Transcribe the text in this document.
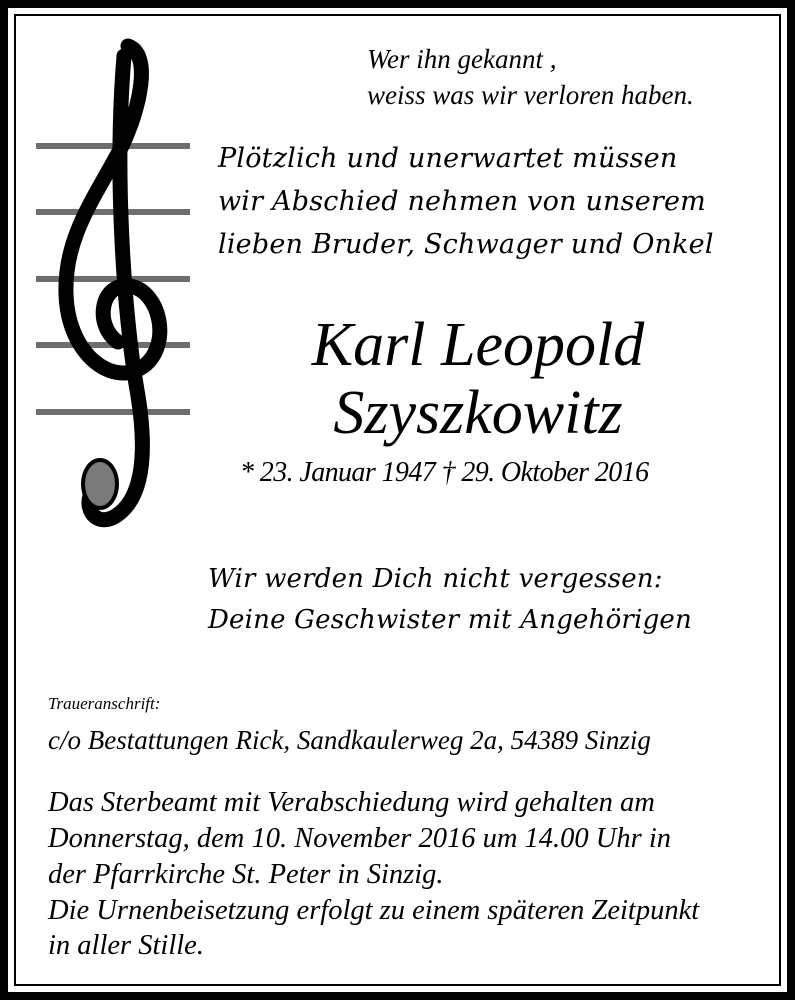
Wer ihn gekannt ,
weiss was wir verloren haben.
Plötzlich und unerwartet müssen
wir Abschied nehmen von unserem
lieben Bruder, Schwager und Onkel
Karl Leopold
Szyszkowitz
* 23. Januar 1947 † 29. Oktober 2016
Wir werden Dich nicht vergessen:
Deine Geschwister mit Angehörigen
Traueranschrift:
c/o Bestattungen Rick, Sandkaulerweg 2a, 54389 Sinzig
Das Sterbeamt mit Verabschiedung wird gehalten am
Donnerstag, dem 10. November 2016 um 14.00 Uhr in
der Pfarrkirche St. Peter in Sinzig.
Die Urnenbeisetzung erfolgt zu einem späteren Zeitpunkt
in aller Stille.
